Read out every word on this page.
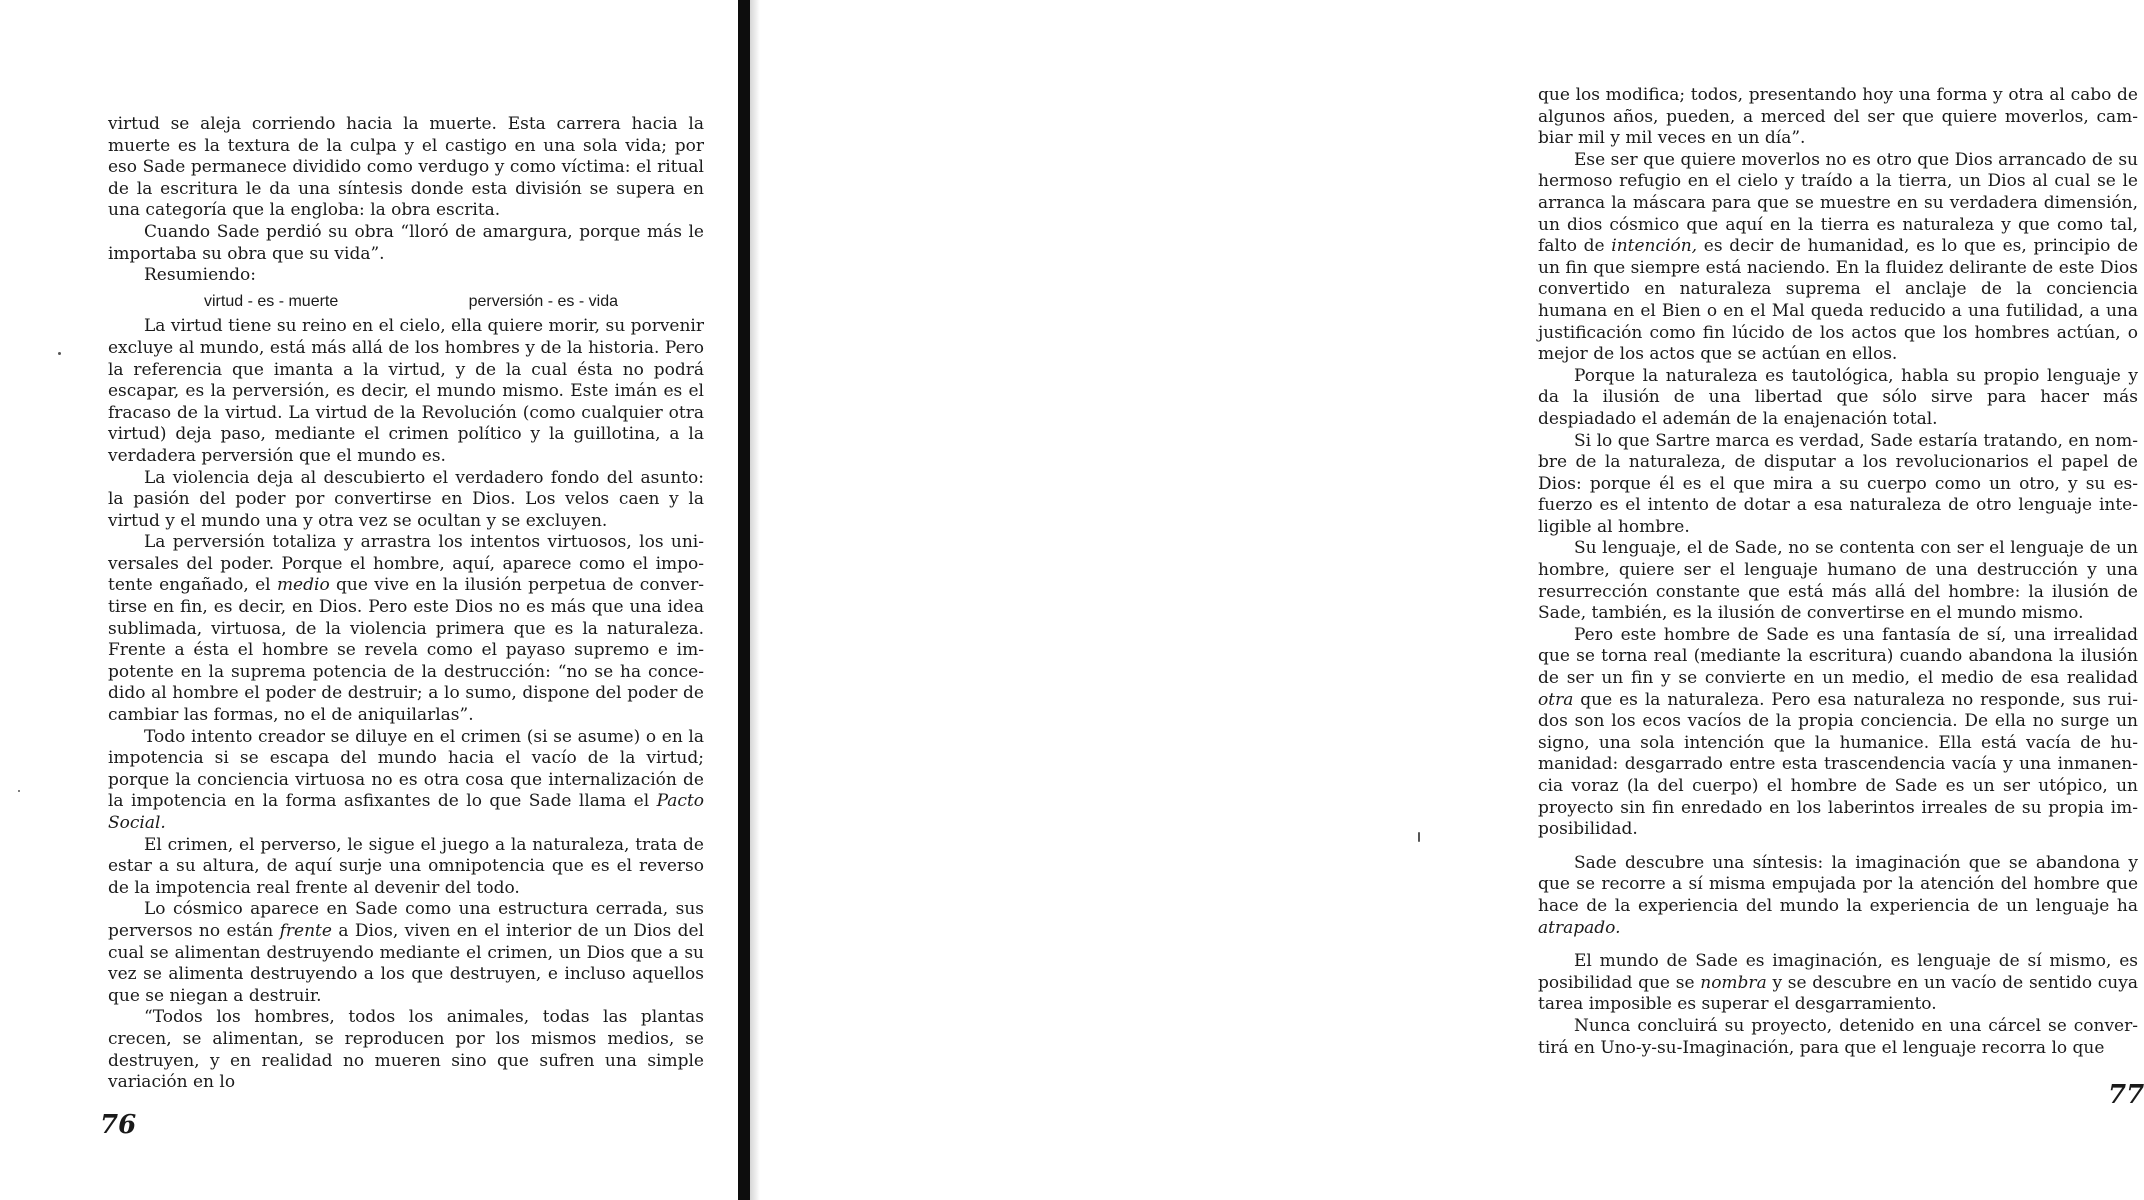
virtud se aleja corriendo hacia la muerte. Esta carrera hacia la muerte es la textura de la culpa y el castigo en una sola vida; por eso Sade permanece dividido como verdugo y como víctima: el ritual de la escritura le da una síntesis donde esta división se supera en una categoría que la engloba: la obra escrita.

Cuando Sade perdió su obra “lloró de amargura, porque más le importaba su obra que su vida”.

Resumiendo:

virtud - es - muerte	perversión - es - vida

La virtud tiene su reino en el cielo, ella quiere morir, su porvenir excluye al mundo, está más allá de los hombres y de la historia. Pero la referencia que imanta a la virtud, y de la cual ésta no podrá escapar, es la perversión, es decir, el mundo mismo. Este imán es el fracaso de la virtud. La virtud de la Revolución (como cualquier otra virtud) deja paso, mediante el crimen político y la guillotina, a la verdadera perversión que el mundo es.

La violencia deja al descubierto el verdadero fondo del asunto: la pasión del poder por convertirse en Dios. Los velos caen y la virtud y el mundo una y otra vez se ocultan y se excluyen.

La perversión totaliza y arrastra los intentos virtuosos, los universales del poder. Porque el hombre, aquí, aparece como el impotente engañado, el medio que vive en la ilusión perpetua de convertirse en fin, es decir, en Dios. Pero este Dios no es más que una idea sublimada, virtuosa, de la violencia primera que es la naturaleza. Frente a ésta el hombre se revela como el payaso supremo e impotente en la suprema potencia de la destrucción: “no se ha concedido al hombre el poder de destruir; a lo sumo, dispone del poder de cambiar las formas, no el de aniquilarlas”.

Todo intento creador se diluye en el crimen (si se asume) o en la impotencia si se escapa del mundo hacia el vacío de la virtud; porque la conciencia virtuosa no es otra cosa que internalización de la impotencia en la forma asfixantes de lo que Sade llama el Pacto Social.

El crimen, el perverso, le sigue el juego a la naturaleza, trata de estar a su altura, de aquí surje una omnipotencia que es el reverso de la impotencia real frente al devenir del todo.

Lo cósmico aparece en Sade como una estructura cerrada, sus perversos no están frente a Dios, viven en el interior de un Dios del cual se alimentan destruyendo mediante el crimen, un Dios que a su vez se alimenta destruyendo a los que destruyen, e incluso aquellos que se niegan a destruir.

“Todos los hombres, todos los animales, todas las plantas crecen, se alimentan, se reproducen por los mismos medios, se destruyen, y en realidad no mueren sino que sufren una simple variación en lo

76

que los modifica; todos, presentando hoy una forma y otra al cabo de algunos años, pueden, a merced del ser que quiere moverlos, cambiar mil y mil veces en un día”.

Ese ser que quiere moverlos no es otro que Dios arrancado de su hermoso refugio en el cielo y traído a la tierra, un Dios al cual se le arranca la máscara para que se muestre en su verdadera dimensión, un dios cósmico que aquí en la tierra es naturaleza y que como tal, falto de intención, es decir de humanidad, es lo que es, principio de un fin que siempre está naciendo. En la fluidez delirante de este Dios convertido en naturaleza suprema el anclaje de la conciencia humana en el Bien o en el Mal queda reducido a una futilidad, a una justificación como fin lúcido de los actos que los hombres actúan, o mejor de los actos que se actúan en ellos.

Porque la naturaleza es tautológica, habla su propio lenguaje y da la ilusión de una libertad que sólo sirve para hacer más despiadado el ademán de la enajenación total.

Si lo que Sartre marca es verdad, Sade estaría tratando, en nombre de la naturaleza, de disputar a los revolucionarios el papel de Dios: porque él es el que mira a su cuerpo como un otro, y su esfuerzo es el intento de dotar a esa naturaleza de otro lenguaje inteligible al hombre.

Su lenguaje, el de Sade, no se contenta con ser el lenguaje de un hombre, quiere ser el lenguaje humano de una destrucción y una resurrección constante que está más allá del hombre: la ilusión de Sade, también, es la ilusión de convertirse en el mundo mismo.

Pero este hombre de Sade es una fantasía de sí, una irrealidad que se torna real (mediante la escritura) cuando abandona la ilusión de ser un fin y se convierte en un medio, el medio de esa realidad otra que es la naturaleza. Pero esa naturaleza no responde, sus ruidos son los ecos vacíos de la propia conciencia. De ella no surge un signo, una sola intención que la humanice. Ella está vacía de humanidad: desgarrado entre esta trascendencia vacía y una inmanencia voraz (la del cuerpo) el hombre de Sade es un ser utópico, un proyecto sin fin enredado en los laberintos irreales de su propia imposibilidad.

Sade descubre una síntesis: la imaginación que se abandona y que se recorre a sí misma empujada por la atención del hombre que hace de la experiencia del mundo la experiencia de un lenguaje ha atrapado.

El mundo de Sade es imaginación, es lenguaje de sí mismo, es posibilidad que se nombra y se descubre en un vacío de sentido cuya tarea imposible es superar el desgarramiento.

Nunca concluirá su proyecto, detenido en una cárcel se convertirá en Uno-y-su-Imaginación, para que el lenguaje recorra lo que

77
